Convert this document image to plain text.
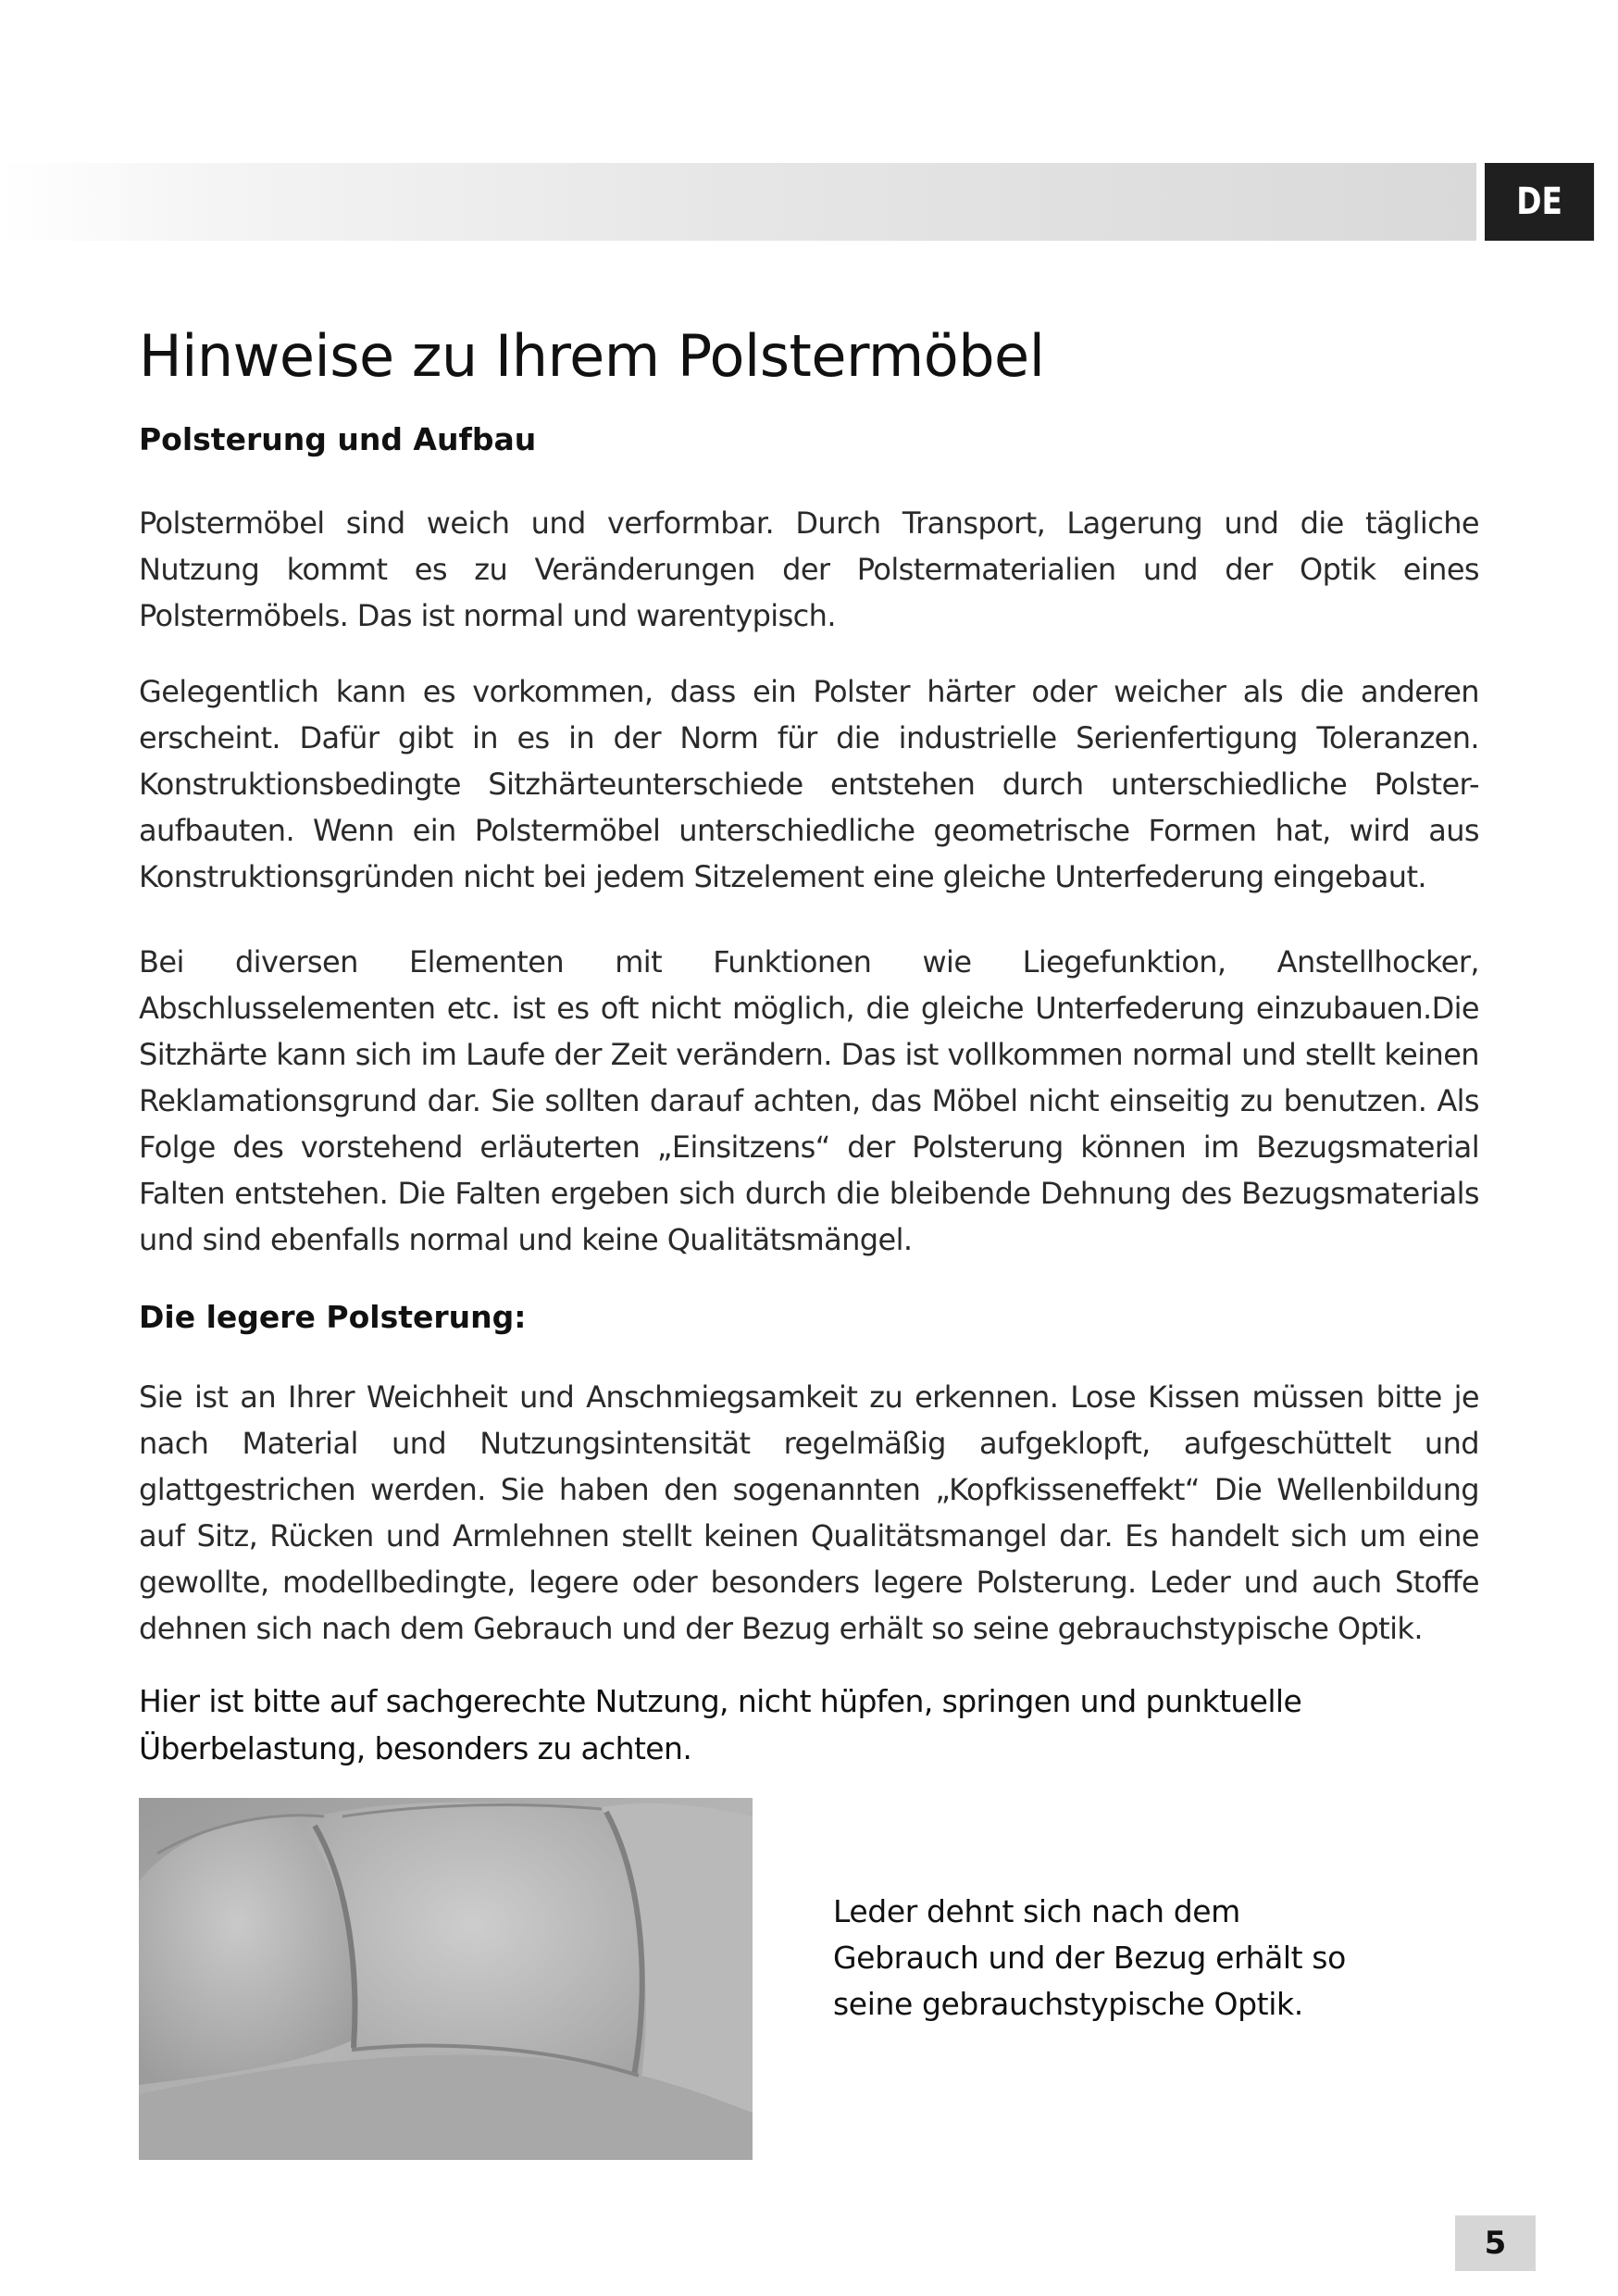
DE
Hinweise zu Ihrem Polstermöbel
Polsterung und Aufbau

Polstermöbel sind weich und verformbar. Durch Transport, Lagerung und die tägliche Nutzung kommt es zu Veränderungen der Polstermaterialien und der Optik eines Polstermöbels. Das ist normal und warentypisch.

Gelegentlich kann es vorkommen, dass ein Polster härter oder weicher als die anderen erscheint. Dafür gibt in es in der Norm für die industrielle Serienfertigung Toleranzen. Konstruktionsbedingte Sitzhärteunterschiede entstehen durch unterschiedliche Polster-aufbauten. Wenn ein Polstermöbel unterschiedliche geometrische Formen hat, wird aus Konstruktionsgründen nicht bei jedem Sitzelement eine gleiche Unterfederung eingebaut.

Bei diversen Elementen mit Funktionen wie Liegefunktion, Anstellhocker, Abschlusselementen etc. ist es oft nicht möglich, die gleiche Unterfederung einzubauen.Die Sitzhärte kann sich im Laufe der Zeit verändern. Das ist vollkommen normal und stellt keinen Reklamationsgrund dar. Sie sollten darauf achten, das Möbel nicht einseitig zu benutzen. Als Folge des vorstehend erläuterten „Einsitzens“ der Polsterung können im Bezugsmaterial Falten entstehen. Die Falten ergeben sich durch die bleibende Dehnung des Bezugsmaterials und sind ebenfalls normal und keine Qualitätsmängel.

Die legere Polsterung:

Sie ist an Ihrer Weichheit und Anschmiegsamkeit zu erkennen. Lose Kissen müssen bitte je nach Material und Nutzungsintensität regelmäßig aufgeklopft, aufgeschüttelt und glattgestrichen werden. Sie haben den sogenannten „Kopfkisseneffekt“ Die Wellenbildung auf Sitz, Rücken und Armlehnen stellt keinen Qualitätsmangel dar. Es handelt sich um eine gewollte, modellbedingte, legere oder besonders legere Polsterung. Leder und auch Stoffe dehnen sich nach dem Gebrauch und der Bezug erhält so seine gebrauchstypische Optik.

Hier ist bitte auf sachgerechte Nutzung, nicht hüpfen, springen und punktuelle Überbelastung, besonders zu achten.

Leder dehnt sich nach dem Gebrauch und der Bezug erhält so seine gebrauchstypische Optik.

5
